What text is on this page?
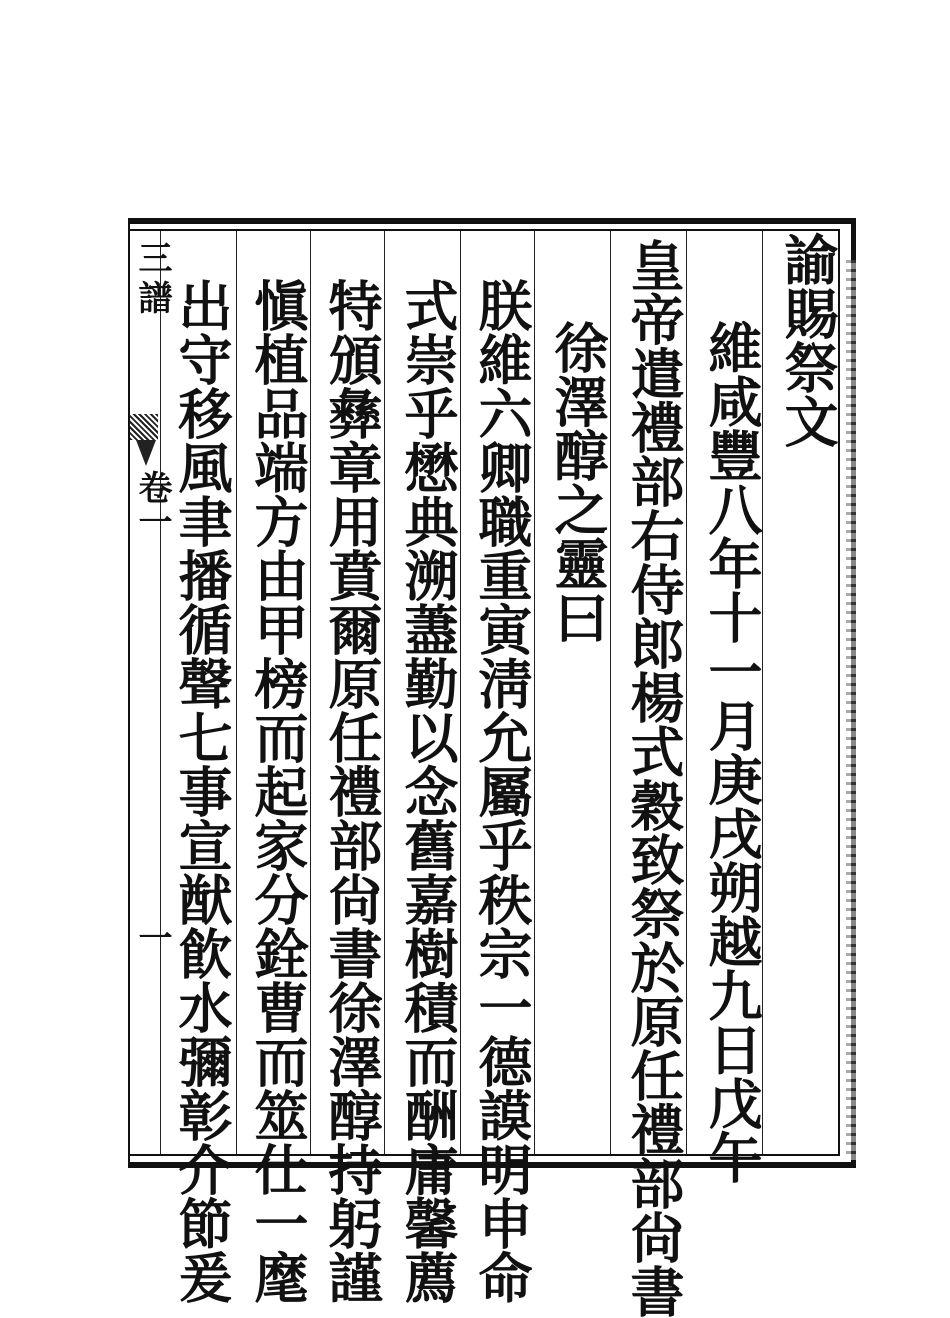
三
譜
卷一
一
諭賜祭文
維咸豐八年十一月庚戌朔越九日戊午
皇帝遣禮部右侍郎楊式穀致祭於原任禮部尙書
徐澤醇之靈曰
朕維六卿職重寅淸允屬乎秩宗一德謨明申命
式崇乎懋典溯藎勤以念舊嘉樹積而酬庸馨薦
特頒彝章用賁爾原任禮部尙書徐澤醇持躬謹
愼植品端方由甲榜而起家分銓曹而筮仕一麾
出守移風聿播循聲七事宣猷飮水彌彰介節爰
